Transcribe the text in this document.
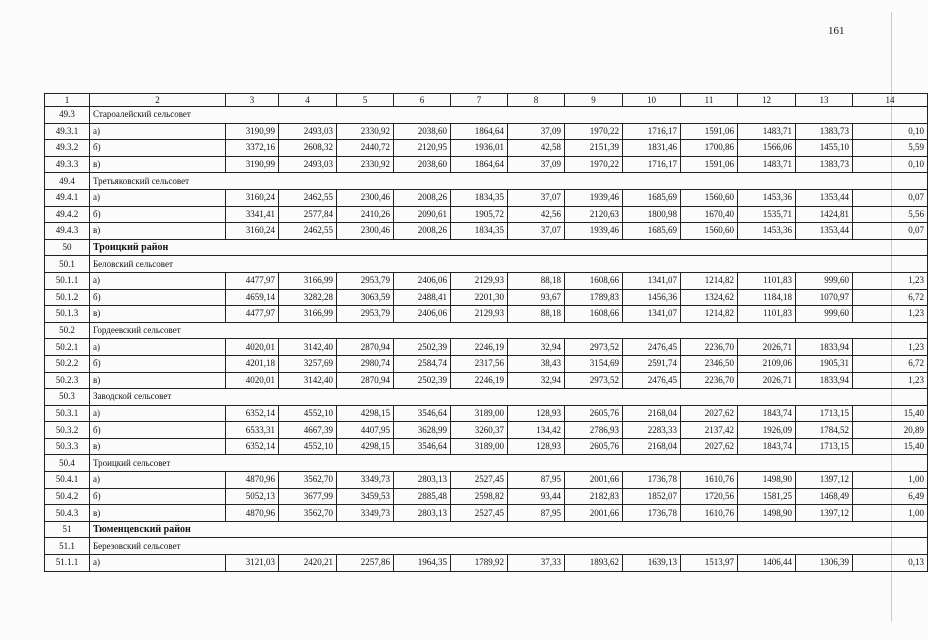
161
1	2	3	4	5	6	7	8	9	10	11	12	13	14
49.3	Староалейский сельсовет												
49.3.1	а)	3190,99	2493,03	2330,92	2038,60	1864,64	37,09	1970,22	1716,17	1591,06	1483,71	1383,73	0,10
49.3.2	б)	3372,16	2608,32	2440,72	2120,95	1936,01	42,58	2151,39	1831,46	1700,86	1566,06	1455,10	5,59
49.3.3	в)	3190,99	2493,03	2330,92	2038,60	1864,64	37,09	1970,22	1716,17	1591,06	1483,71	1383,73	0,10
49.4	Третьяковский сельсовет												
49.4.1	а)	3160,24	2462,55	2300,46	2008,26	1834,35	37,07	1939,46	1685,69	1560,60	1453,36	1353,44	0,07
49.4.2	б)	3341,41	2577,84	2410,26	2090,61	1905,72	42,56	2120,63	1800,98	1670,40	1535,71	1424,81	5,56
49.4.3	в)	3160,24	2462,55	2300,46	2008,26	1834,35	37,07	1939,46	1685,69	1560,60	1453,36	1353,44	0,07
50	Троицкий район												
50.1	Беловский сельсовет												
50.1.1	а)	4477,97	3166,99	2953,79	2406,06	2129,93	88,18	1608,66	1341,07	1214,82	1101,83	999,60	1,23
50.1.2	б)	4659,14	3282,28	3063,59	2488,41	2201,30	93,67	1789,83	1456,36	1324,62	1184,18	1070,97	6,72
50.1.3	в)	4477,97	3166,99	2953,79	2406,06	2129,93	88,18	1608,66	1341,07	1214,82	1101,83	999,60	1,23
50.2	Гордеевский сельсовет												
50.2.1	а)	4020,01	3142,40	2870,94	2502,39	2246,19	32,94	2973,52	2476,45	2236,70	2026,71	1833,94	1,23
50.2.2	б)	4201,18	3257,69	2980,74	2584,74	2317,56	38,43	3154,69	2591,74	2346,50	2109,06	1905,31	6,72
50.2.3	в)	4020,01	3142,40	2870,94	2502,39	2246,19	32,94	2973,52	2476,45	2236,70	2026,71	1833,94	1,23
50.3	Заводской сельсовет												
50.3.1	а)	6352,14	4552,10	4298,15	3546,64	3189,00	128,93	2605,76	2168,04	2027,62	1843,74	1713,15	15,40
50.3.2	б)	6533,31	4667,39	4407,95	3628,99	3260,37	134,42	2786,93	2283,33	2137,42	1926,09	1784,52	20,89
50.3.3	в)	6352,14	4552,10	4298,15	3546,64	3189,00	128,93	2605,76	2168,04	2027,62	1843,74	1713,15	15,40
50.4	Троицкий сельсовет												
50.4.1	а)	4870,96	3562,70	3349,73	2803,13	2527,45	87,95	2001,66	1736,78	1610,76	1498,90	1397,12	1,00
50.4.2	б)	5052,13	3677,99	3459,53	2885,48	2598,82	93,44	2182,83	1852,07	1720,56	1581,25	1468,49	6,49
50.4.3	в)	4870,96	3562,70	3349,73	2803,13	2527,45	87,95	2001,66	1736,78	1610,76	1498,90	1397,12	1,00
51	Тюменцевский район												
51.1	Березовский сельсовет												
51.1.1	а)	3121,03	2420,21	2257,86	1964,35	1789,92	37,33	1893,62	1639,13	1513,97	1406,44	1306,39	0,13
